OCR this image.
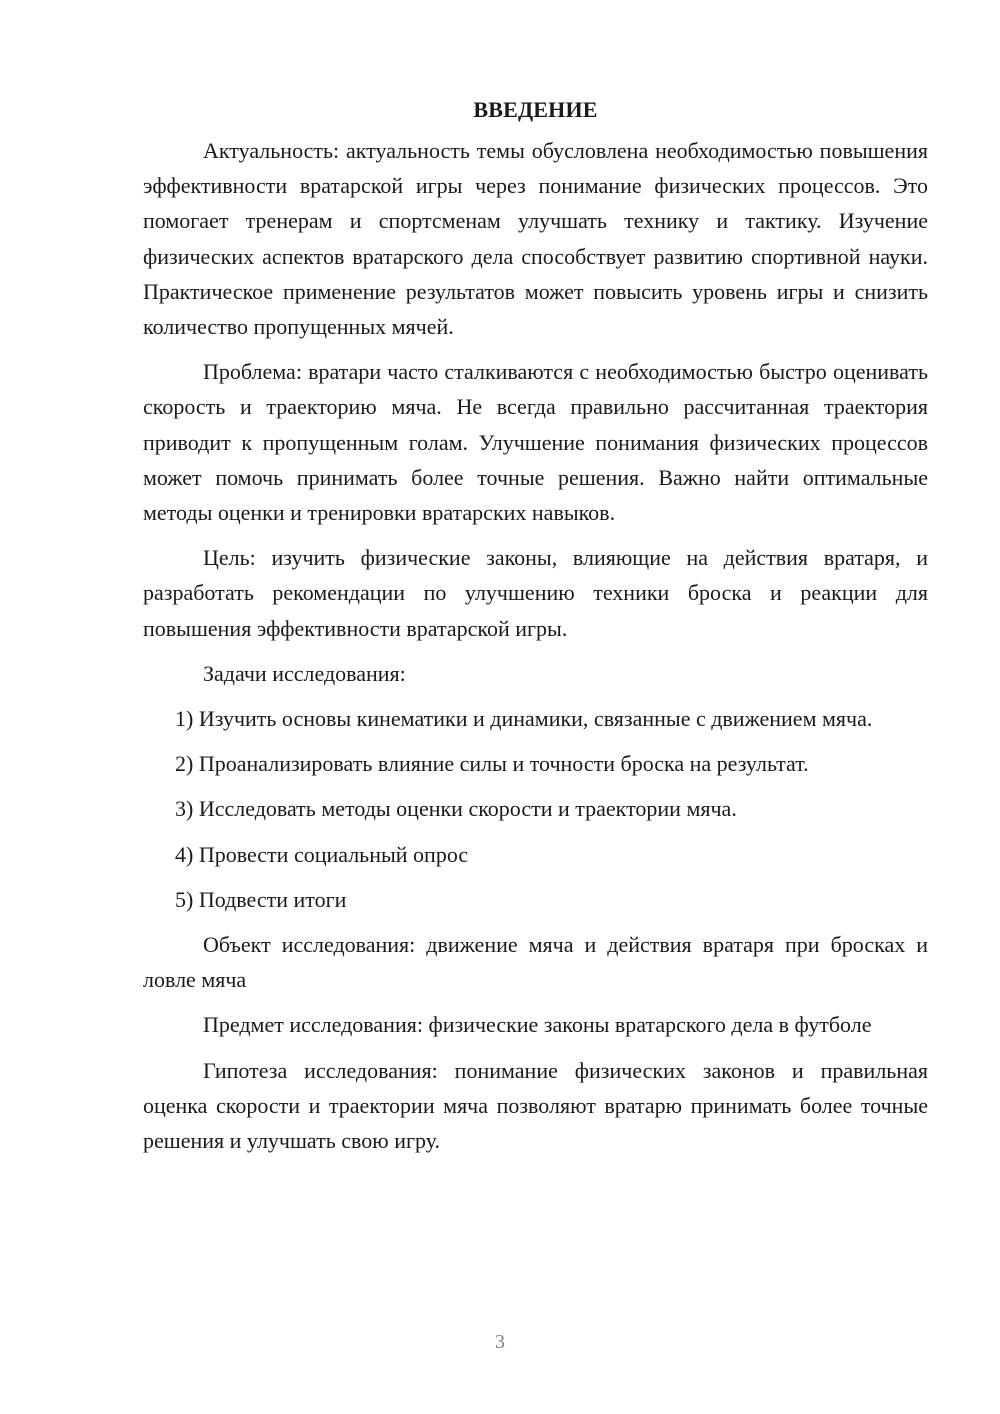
ВВЕДЕНИЕ

Актуальность: актуальность темы обусловлена необходимостью повышения эффективности вратарской игры через понимание физических процессов. Это помогает тренерам и спортсменам улучшать технику и тактику. Изучение физических аспектов вратарского дела способствует развитию спортивной науки. Практическое применение результатов может повысить уровень игры и снизить количество пропущенных мячей.

Проблема: вратари часто сталкиваются с необходимостью быстро оценивать скорость и траекторию мяча. Не всегда правильно рассчитанная траектория приводит к пропущенным голам. Улучшение понимания физических процессов может помочь принимать более точные решения. Важно найти оптимальные методы оценки и тренировки вратарских навыков.

Цель: изучить физические законы, влияющие на действия вратаря, и разработать рекомендации по улучшению техники броска и реакции для повышения эффективности вратарской игры.

Задачи исследования:

1) Изучить основы кинематики и динамики, связанные с движением мяча.

2) Проанализировать влияние силы и точности броска на результат.

3) Исследовать методы оценки скорости и траектории мяча.

4) Провести социальный опрос

5) Подвести итоги

Объект исследования: движение мяча и действия вратаря при бросках и ловле мяча

Предмет исследования: физические законы вратарского дела в футболе

Гипотеза исследования: понимание физических законов и правильная оценка скорости и траектории мяча позволяют вратарю принимать более точные решения и улучшать свою игру.

3
